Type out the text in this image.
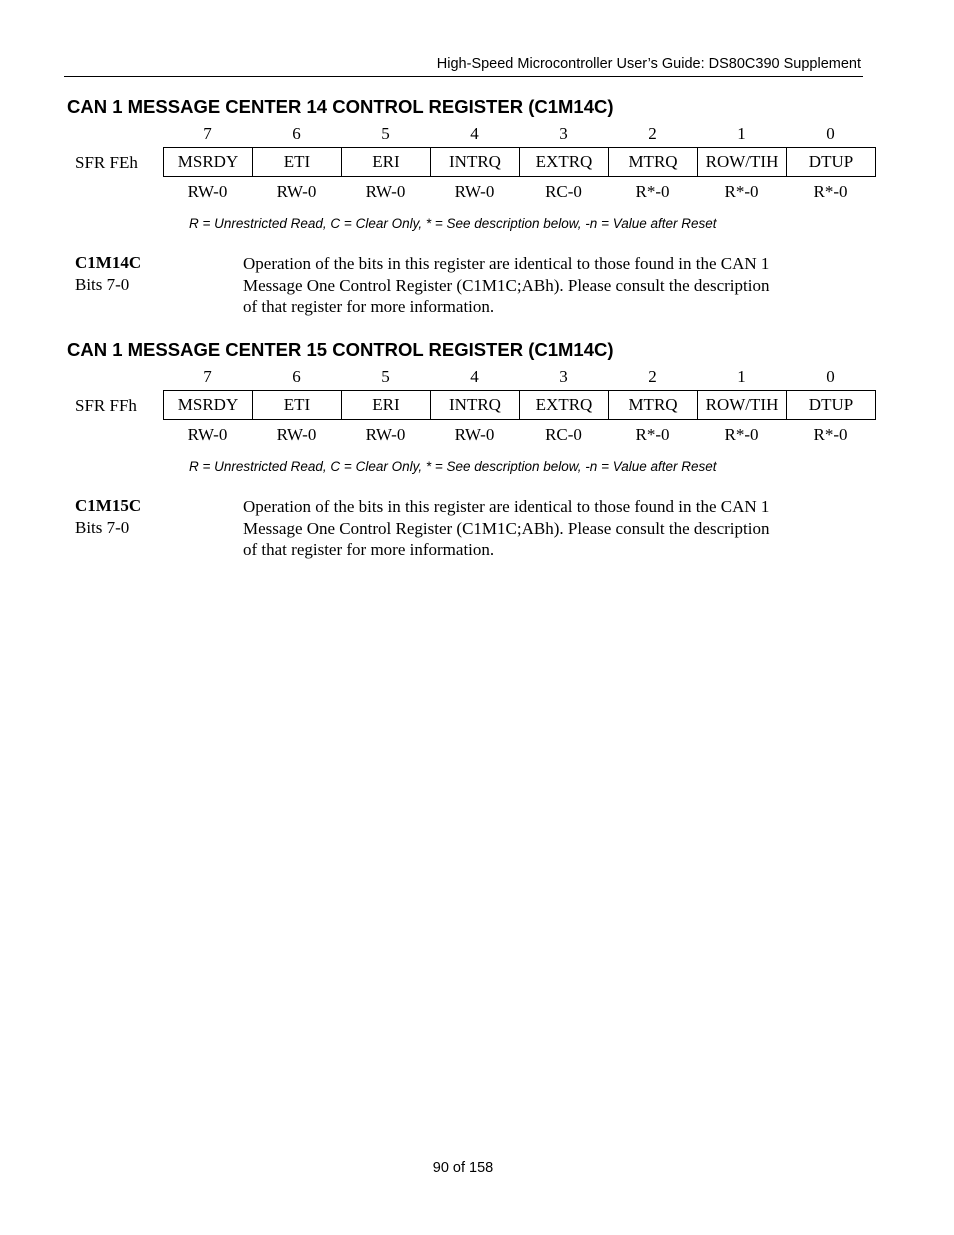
High-Speed Microcontroller User’s Guide: DS80C390 Supplement
CAN 1 MESSAGE CENTER 14 CONTROL REGISTER (C1M14C)
7	6	5	4	3	2	1	0
SFR FEh	MSRDY	ETI	ERI	INTRQ	EXTRQ	MTRQ	ROW/TIH	DTUP
RW-0	RW-0	RW-0	RW-0	RC-0	R*-0	R*-0	R*-0
R = Unrestricted Read, C = Clear Only, * = See description below, -n = Value after Reset
C1M14C
Bits 7-0
Operation of the bits in this register are identical to those found in the CAN 1
Message One Control Register (C1M1C;ABh). Please consult the description
of that register for more information.
CAN 1 MESSAGE CENTER 15 CONTROL REGISTER (C1M14C)
7	6	5	4	3	2	1	0
SFR FFh	MSRDY	ETI	ERI	INTRQ	EXTRQ	MTRQ	ROW/TIH	DTUP
RW-0	RW-0	RW-0	RW-0	RC-0	R*-0	R*-0	R*-0
R = Unrestricted Read, C = Clear Only, * = See description below, -n = Value after Reset
C1M15C
Bits 7-0
Operation of the bits in this register are identical to those found in the CAN 1
Message One Control Register (C1M1C;ABh). Please consult the description
of that register for more information.
90 of 158
